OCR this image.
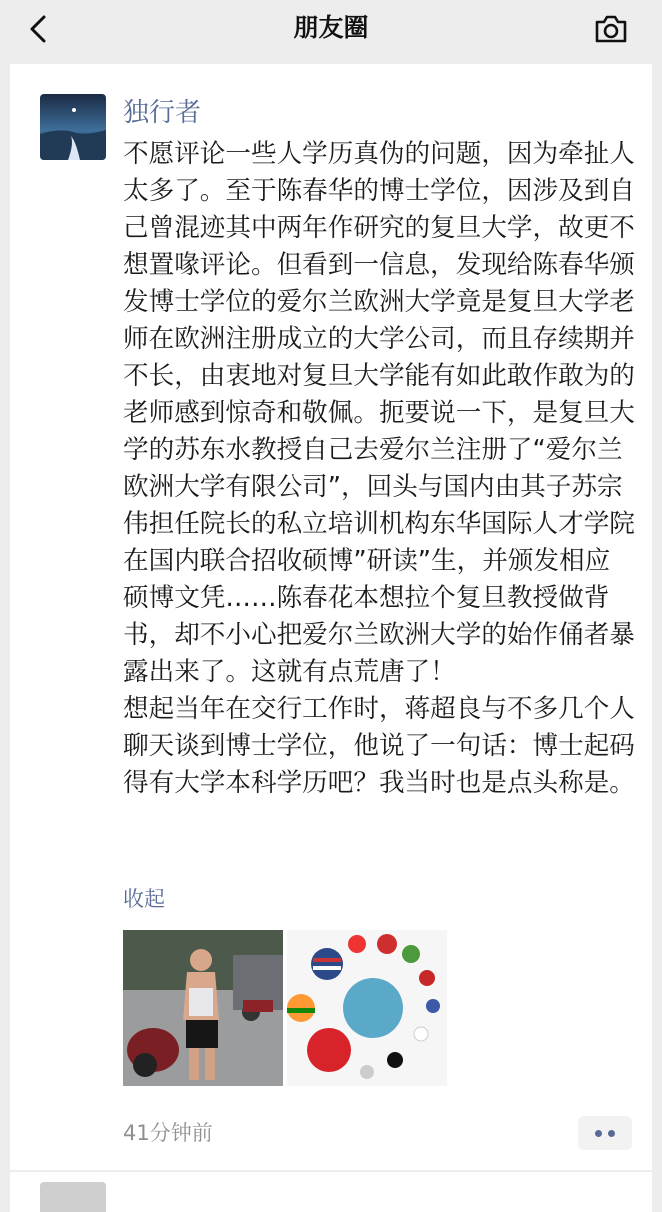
朋友圈
独行者

不愿评论一些人学历真伪的问题，因为牵扯人太多了。至于陈春华的博士学位，因涉及到自己曾混迹其中两年作研究的复旦大学，故更不想置喙评论。但看到一信息，发现给陈春华颁发博士学位的爱尔兰欧洲大学竟是复旦大学老师在欧洲注册成立的大学公司，而且存续期并不长，由衷地对复旦大学能有如此敢作敢为的老师感到惊奇和敬佩。扼要说一下，是复旦大学的苏东水教授自己去爱尔兰注册了“爱尔兰欧洲大学有限公司”，回头与国内由其子苏宗伟担任院长的私立培训机构东华国际人才学院在国内联合招收硕博”研读”生，并颁发相应硕博文凭……陈春花本想拉个复旦教授做背书，却不小心把爱尔兰欧洲大学的始作俑者暴露出来了。这就有点荒唐了！
想起当年在交行工作时，蒋超良与不多几个人聊天谈到博士学位，他说了一句话：博士起码得有大学本科学历吧？我当时也是点头称是。

收起
41分钟前
